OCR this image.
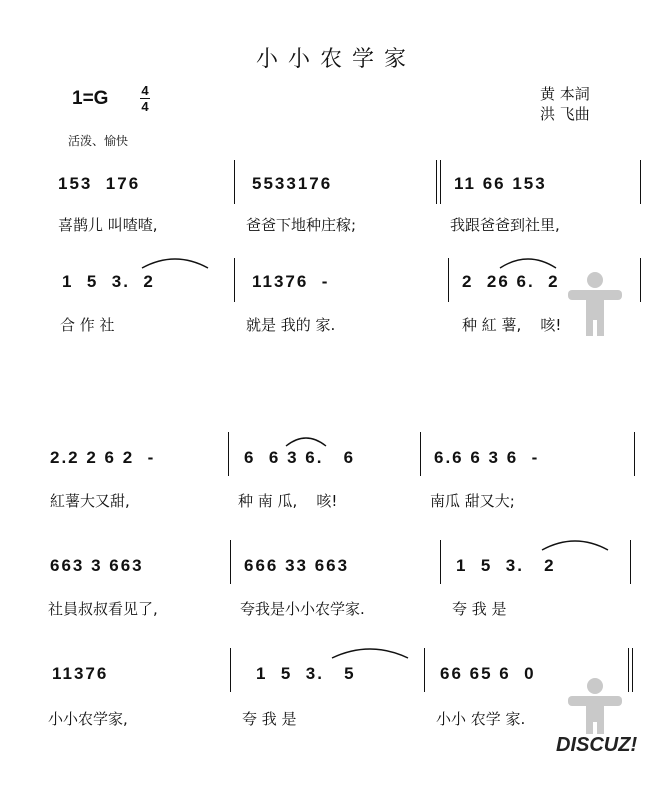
小小农学家
1=G	4
4
黄 本詞
洪 飞曲
活泼、愉快
153  176	5533176	11 66 153
喜鹊儿 叫喳喳,	爸爸下地种庄稼;	我跟爸爸到社里,
1  5  3.  2	11376  -	2  26 6.  2
合 作 社	就是 我的 家.	种 紅 薯,    咳!
2.2 2 6 2  -	6  6 3 6.   6	6.6 6 3 6  -
紅薯大又甜,	种 南 瓜,    咳!	南瓜 甜又大;
663 3 663	666 33 663	1  5  3.   2
社員叔叔看见了,	夸我是小小农学家.	夸 我 是
11376	1  5  3.   5	66 65 6  0
小小农学家,	夸 我 是	小小 农学 家.
DISCUZ!
